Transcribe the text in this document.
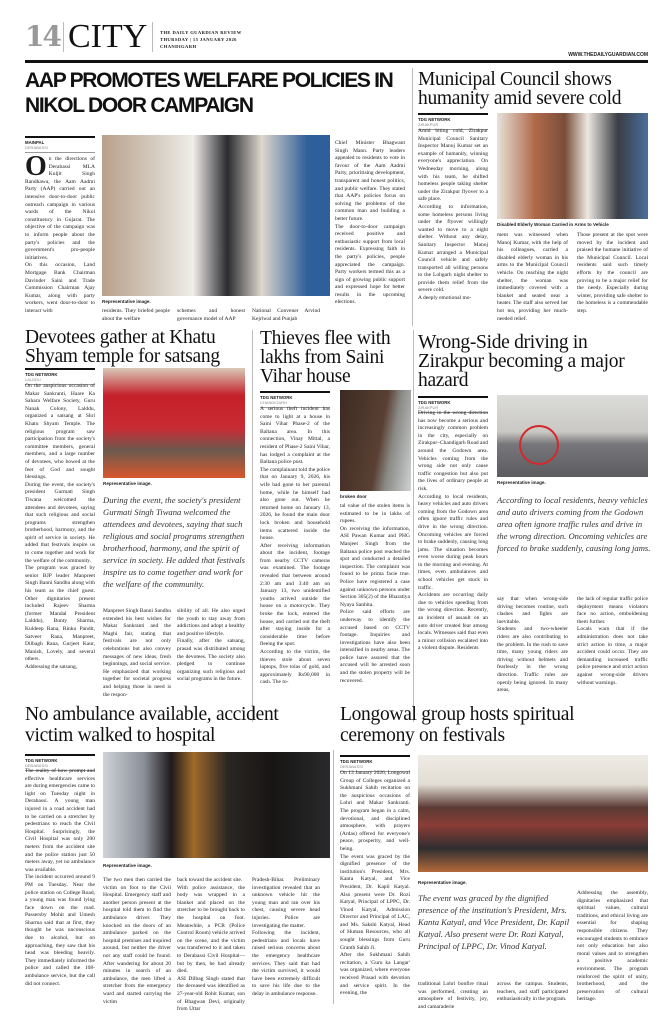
14 CITY	THE DAILY GUARDIAN REVIEW
THURSDAY | 15 JANUARY 2026
CHANDIGARH
WWW.THEDAILYGUARDIAN.COM
AAP PROMOTES WELFARE POLICIES IN NIKOL DOOR CAMPAIGN
MAINPAL
DERABASSI
On the directions of Derabassi MLA Kuljit Singh Randhawa, the Aam Aadmi Party (AAP) carried out an intensive door-to-door public outreach campaign in various wards of the Nikol constituency in Gujarat. The objective of the campaign was to inform people about the party's policies and the government's pro-people initiatives.
On this occasion, Land Mortgage Bank Chairman Davinder Saini and Trade Commission Chairman Ajay Kumar, along with party workers, went door-to-door to interact with
Representative image.
residents. They briefed people about the welfare
schemes and honest governance model of AAP
National Convener Arvind Kejriwal and Punjab
Chief Minister Bhagwant Singh Mann. Party leaders appealed to residents to vote in favour of the Aam Aadmi Party, prioritising development, transparent and honest politics, and public welfare. They stated that AAP's policies focus on solving the problems of the common man and building a better future.
The door-to-door campaign received positive and enthusiastic support from local residents. Expressing faith in the party's policies, people appreciated the campaign. Party workers termed this as a sign of growing public support and expressed hope for better results in the upcoming elections.
Municipal Council shows humanity amid severe cold
TDG NETWORK
ZIRAKPUR
Amid biting cold, Zirakpur Municipal Council Sanitary Inspector Manoj Kumar set an example of humanity, winning everyone's appreciation. On Wednesday morning, along with his team, he shifted homeless people taking shelter under the Zirakpur flyover to a safe place.
According to information, some homeless persons living under the flyover willingly wanted to move to a night shelter. Without any delay, Sanitary Inspector Manoj Kumar arranged a Municipal Council vehicle and safely transported all willing persons to the Lohgarh night shelter to provide them relief from the severe cold.
A deeply emotional mo-
Disabled Elderly Woman Carried in Arms to Vehicle
ment was witnessed when Manoj Kumar, with the help of his colleagues, carried a disabled elderly woman in his arms to the Municipal Council vehicle. On reaching the night shelter, the woman was immediately covered with a blanket and seated near a heater. The staff also served her hot tea, providing her much-needed relief.
Those present at the spot were moved by the incident and praised the humane initiative of the Municipal Council. Local residents said such timely efforts by the council are proving to be a major relief for the needy. Especially during winter, providing safe shelter to the homeless is a commendable step.
Devotees gather at Khatu Shyam temple for satsang
TDG NETWORK
LALDDU
On the auspicious occasion of Makar Sankranti, Haare Ka Sahara Welfare Society, Guru Nanak Colony, Lalddu, organized a satsang at Shri Khatu Shyam Temple. The religious program saw participation from the society's committee members, general members, and a large number of devotees, who bowed at the feet of God and sought blessings.
During the event, the society's president Gurmati Singh Tiwana welcomed the attendees and devotees, saying that such religious and social programs strengthen brotherhood, harmony, and the spirit of service in society. He added that festivals inspire us to come together and work for the welfare of the community.
The program was graced by senior BJP leader Manpreet Singh Banni Sandhu along with his team as the chief guest. Other dignitaries present included Rajeev Sharma (former Mandal President Lalddu), Bunty Sharma, Kuldeep Rana, Rinku Pandit, Satveer Rana, Manpreet, Dilbagh Rana, Gurjeet Kaur, Manish, Lovely, and several others.
Addressing the satsang,
Representative image.
During the event, the society's president Gurmati Singh Tiwana welcomed the attendees and devotees, saying that such religious and social programs strengthen brotherhood, harmony, and the spirit of service in society. He added that festivals inspire us to come together and work for the welfare of the community.
Manpreet Singh Banni Sandhu extended his best wishes for Makar Sankranti and the Maghi fair, stating that festivals are not only celebrations but also convey messages of new ideas, fresh beginnings, and social service. He emphasized that working together for societal progress and helping those in need is the respon-
sibility of all. He also urged the youth to stay away from addictions and adopt a healthy and positive lifestyle.
Finally, after the satsang, prasad was distributed among the devotees. The society also pledged to continue organizing such religious and social programs in the future.
Thieves flee with lakhs from Saini Vihar house
TDG NETWORK
CHANDIGARH
A serious theft incident has come to light at a house in Saini Vihar Phase-2 of the Baltana area. In this connection, Vinay Mittal, a resident of Phase-2 Saini Vihar, has lodged a complaint at the Baltana police post.
The complainant told the police that on January 9, 2026, his wife had gone to her parental home, while he himself had also gone out. When he returned home on January 13, 2026, he found the main door lock broken and household items scattered inside the house.
After receiving information about the incident, footage from nearby CCTV cameras was examined. The footage revealed that between around 2:30 am and 3:40 am on January 13, two unidentified youths arrived outside the house on a motorcycle. They broke the lock, entered the house, and carried out the theft after staying inside for a considerable time before fleeing the spot.
According to the victim, the thieves stole about seven laptops, five tolas of gold, and approximately Rs90,000 in cash. The to-
broken door
tal value of the stolen items is estimated to be in lakhs of rupees.
On receiving the information, ASI Pawan Kumar and PHG Manjeet Singh from the Baltana police post reached the spot and conducted a detailed inspection. The complaint was found to be prima facie true. Police have registered a case against unknown persons under Section 305(2) of the Bharatiya Nyaya Sanhita.
Police said efforts are underway to identify the accused based on CCTV footage. Inquiries and investigations have also been intensified in nearby areas. The police have assured that the accused will be arrested soon and the stolen property will be recovered.
Wrong-Side driving in Zirakpur becoming a major hazard
TDG NETWORK
ZIRAKPUR
Driving in the wrong direction has now become a serious and increasingly common problem in the city, especially on Zirakpur–Chandigarh Road and around the Godown area. Vehicles coming from the wrong side not only cause traffic congestion but also put the lives of ordinary people at risk.
According to local residents, heavy vehicles and auto drivers coming from the Godown area often ignore traffic rules and drive in the wrong direction. Oncoming vehicles are forced to brake suddenly, causing long jams. The situation becomes even worse during peak hours in the morning and evening. At times, even ambulances and school vehicles get stuck in traffic.
Accidents are occurring daily due to vehicles speeding from the wrong direction. Recently, an incident of assault on an auto driver created fear among locals. Witnesses said that even a minor collision escalated into a violent dispute. Residents
Representative image.
According to local residents, heavy vehicles and auto drivers coming from the Godown area often ignore traffic rules and drive in the wrong direction. Oncoming vehicles are forced to brake suddenly, causing long jams.
say that when wrong-side driving becomes routine, such clashes and fights are inevitable.
Students and two-wheeler riders are also contributing to the problem. In the rush to save time, many young riders are driving without helmets and fearlessly in the wrong direction. Traffic rules are openly being ignored. In many areas,
the lack of regular traffic police deployment means violators face no action, emboldening them further.
Locals warn that if the administration does not take strict action in time, a major accident could occur. They are demanding increased traffic police presence and strict action against wrong-side drivers without warnings.
No ambulance available, accident victim walked to hospital
TDG NETWORK
DERABASSI
The reality of how prompt and effective healthcare services are during emergencies came to light on Tuesday night in Derabassi. A young man injured in a road accident had to be carried on a stretcher by pedestrians to reach the Civil Hospital. Surprisingly, the Civil Hospital was only 200 meters from the accident site and the police station just 50 meters away, yet no ambulance was available.
The incident occurred around 9 PM on Tuesday. Near the police station on College Road, a young man was found lying face down on the road. Passersby Mohit and Umesh Sharma said that at first, they thought he was unconscious due to alcohol, but on approaching, they saw that his head was bleeding heavily. They immediately informed the police and called the 108-ambulance service, but the call did not connect.
Representative image.
The two men then carried the victim on foot to the Civil Hospital. Emergency staff and another person present at the hospital told them to find the ambulance driver. They knocked on the doors of an ambulance parked on the hospital premises and inquired around, but neither the driver nor any staff could be found. After wandering for about 20 minutes in search of an ambulance, the men lifted a stretcher from the emergency ward and started carrying the victim
back toward the accident site.
With police assistance, the body was wrapped in a blanket and placed on the stretcher to be brought back to the hospital on foot. Meanwhile, a PCR (Police Control Room) vehicle arrived on the scene, and the victim was transferred to it and taken to Derabassi Civil Hospital—but by then, he had already died.
ASI Dilbag Singh stated that the deceased was identified as 27-year-old Rohit Kumar, son of Bhagwan Devi, originally from Uttar
Pradesh-Bihar. Preliminary investigation revealed that an unknown vehicle hit the young man and ran over his chest, causing severe head injuries. Police are investigating the matter.
Following the incident, pedestrians and locals have raised serious concerns about the emergency healthcare services. They said that had the victim survived, it would have been extremely difficult to save his life due to the delay in ambulance response.
Longowal group hosts spiritual ceremony on festivals
TDG NETWORK
DERABASSI
On 13 January 2026, Longowal Group of Colleges organized a Sukhmani Sahib recitation on the auspicious occasions of Lohri and Makar Sankranti. The program began in a calm, devotional, and disciplined atmosphere, with prayers (Ardas) offered for everyone's peace, prosperity, and well-being.
The event was graced by the dignified presence of the institution's President, Mrs. Kanta Katyal, and Vice President, Dr. Kapil Katyal. Also present were Dr. Rozi Katyal, Principal of LPPC, Dr. Vinod Katyal, Admission Director and Principal of LAC, and Ms. Sakshi Katyal, Head of Human Resources, who all sought blessings from Guru Granth Sahib Ji.
After the Sukhmani Sahib recitation, a 'Guru ka Langar' was organized, where everyone received Prasad with devotion and service spirit. In the evening, the
Representative image.
The event was graced by the dignified presence of the institution's President, Mrs. Kanta Katyal, and Vice President, Dr. Kapil Katyal. Also present were Dr. Rozi Katyal, Principal of LPPC, Dr. Vinod Katyal.
traditional Lohri bonfire ritual was performed, creating an atmosphere of festivity, joy, and camaraderie
across the campus. Students, teachers, and staff participated enthusiastically in the program.
Addressing the assembly, dignitaries emphasized that spiritual values, cultural traditions, and ethical living are essential for shaping responsible citizens. They encouraged students to embrace not only education but also moral values and to strengthen a positive academic environment. The program reinforced the spirit of unity, brotherhood, and the preservation of cultural heritage.
